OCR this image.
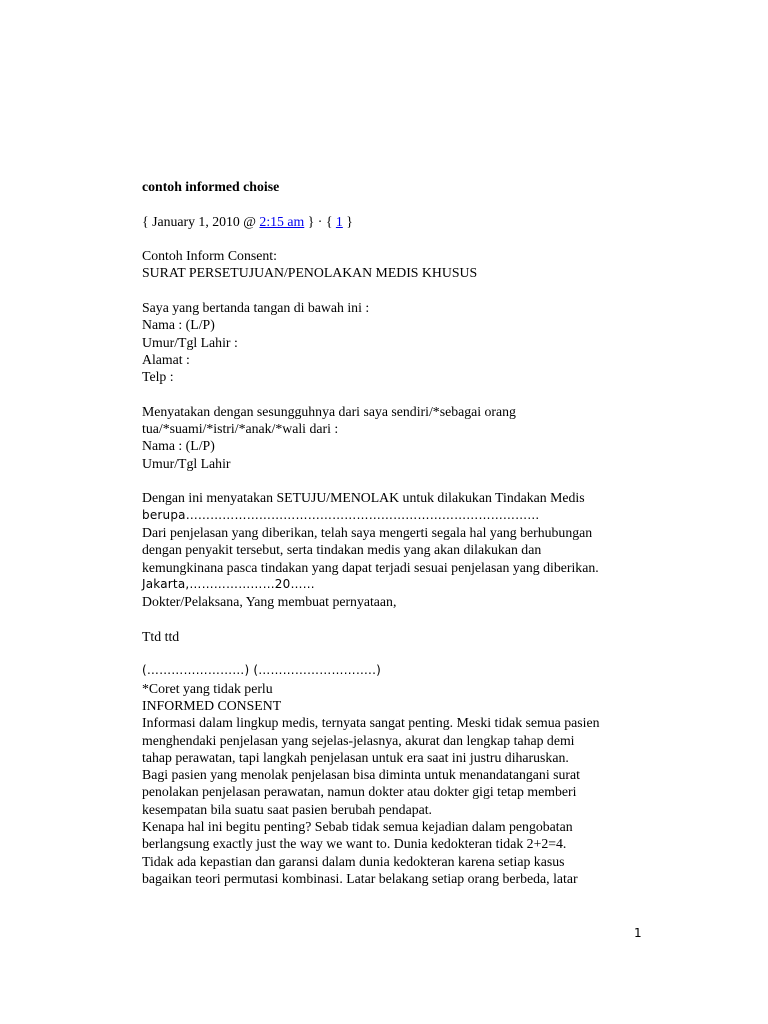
contoh informed choise
{ January 1, 2010 @ 2:15 am } · { 1 }
Contoh Inform Consent:
SURAT PERSETUJUAN/PENOLAKAN MEDIS KHUSUS
Saya yang bertanda tangan di bawah ini :
Nama : (L/P)
Umur/Tgl Lahir :
Alamat :
Telp :
Menyatakan dengan sesungguhnya dari saya sendiri/*sebagai orang
tua/*suami/*istri/*anak/*wali dari :
Nama : (L/P)
Umur/Tgl Lahir
Dengan ini menyatakan SETUJU/MENOLAK untuk dilakukan Tindakan Medis
berupa……………………………………………………………………………
Dari penjelasan yang diberikan, telah saya mengerti segala hal yang berhubungan
dengan penyakit tersebut, serta tindakan medis yang akan dilakukan dan
kemungkinana pasca tindakan yang dapat terjadi sesuai penjelasan yang diberikan.
Jakarta,…………………20……
Dokter/Pelaksana, Yang membuat pernyataan,
Ttd ttd
(……………………) (………………………..)
*Coret yang tidak perlu
INFORMED CONSENT
Informasi dalam lingkup medis, ternyata sangat penting. Meski tidak semua pasien
menghendaki penjelasan yang sejelas-jelasnya, akurat dan lengkap tahap demi
tahap perawatan, tapi langkah penjelasan untuk era saat ini justru diharuskan.
Bagi pasien yang menolak penjelasan bisa diminta untuk menandatangani surat
penolakan penjelasan perawatan, namun dokter atau dokter gigi tetap memberi
kesempatan bila suatu saat pasien berubah pendapat.
Kenapa hal ini begitu penting? Sebab tidak semua kejadian dalam pengobatan
berlangsung exactly just the way we want to. Dunia kedokteran tidak 2+2=4.
Tidak ada kepastian dan garansi dalam dunia kedokteran karena setiap kasus
bagaikan teori permutasi kombinasi. Latar belakang setiap orang berbeda, latar
1
